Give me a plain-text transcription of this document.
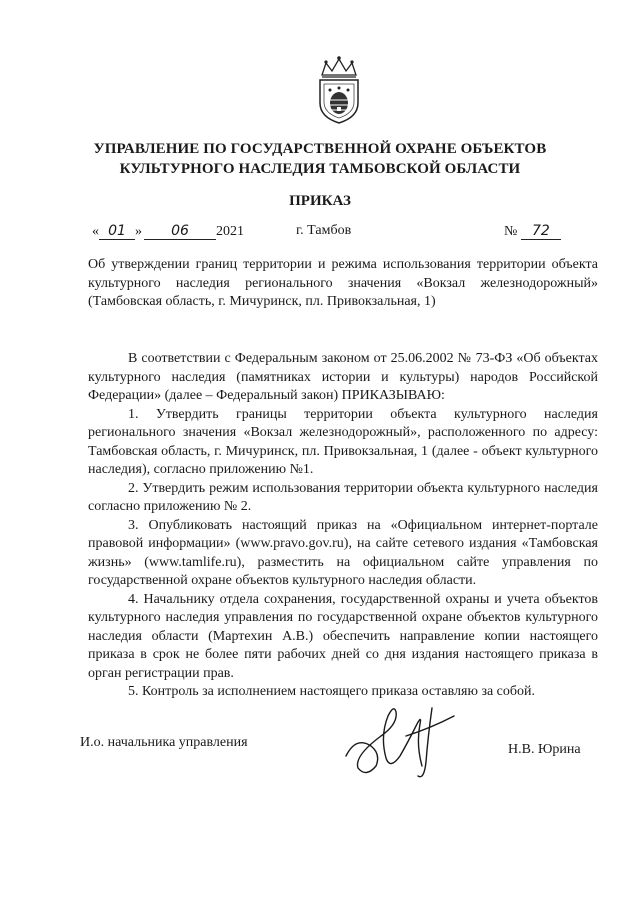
УПРАВЛЕНИЕ ПО ГОСУДАРСТВЕННОЙ ОХРАНЕ ОБЪЕКТОВ
КУЛЬТУРНОГО НАСЛЕДИЯ ТАМБОВСКОЙ ОБЛАСТИ
ПРИКАЗ
« 01 » 06 2021	г. Тамбов	№ 72
Об утверждении границ территории и режима использования территории объекта культурного наследия регионального значения «Вокзал железнодорожный» (Тамбовская область, г. Мичуринск, пл. Привокзальная, 1)

В соответствии с Федеральным законом от 25.06.2002 № 73-ФЗ «Об объектах культурного наследия (памятниках истории и культуры) народов Российской Федерации» (далее – Федеральный закон) ПРИКАЗЫВАЮ:

1. Утвердить границы территории объекта культурного наследия регионального значения «Вокзал железнодорожный», расположенного по адресу: Тамбовская область, г. Мичуринск, пл. Привокзальная, 1 (далее - объект культурного наследия), согласно приложению №1.

2. Утвердить режим использования территории объекта культурного наследия согласно приложению № 2.

3. Опубликовать настоящий приказ на «Официальном интернет-портале правовой информации» (www.pravo.gov.ru), на сайте сетевого издания «Тамбовская жизнь» (www.tamlife.ru), разместить на официальном сайте управления по государственной охране объектов культурного наследия области.

4. Начальнику отдела сохранения, государственной охраны и учета объектов культурного наследия управления по государственной охране объектов культурного наследия области (Мартехин А.В.) обеспечить направление копии настоящего приказа в срок не более пяти рабочих дней со дня издания настоящего приказа в орган регистрации прав.

5. Контроль за исполнением настоящего приказа оставляю за собой.

И.о. начальника управления	Н.В. Юрина
